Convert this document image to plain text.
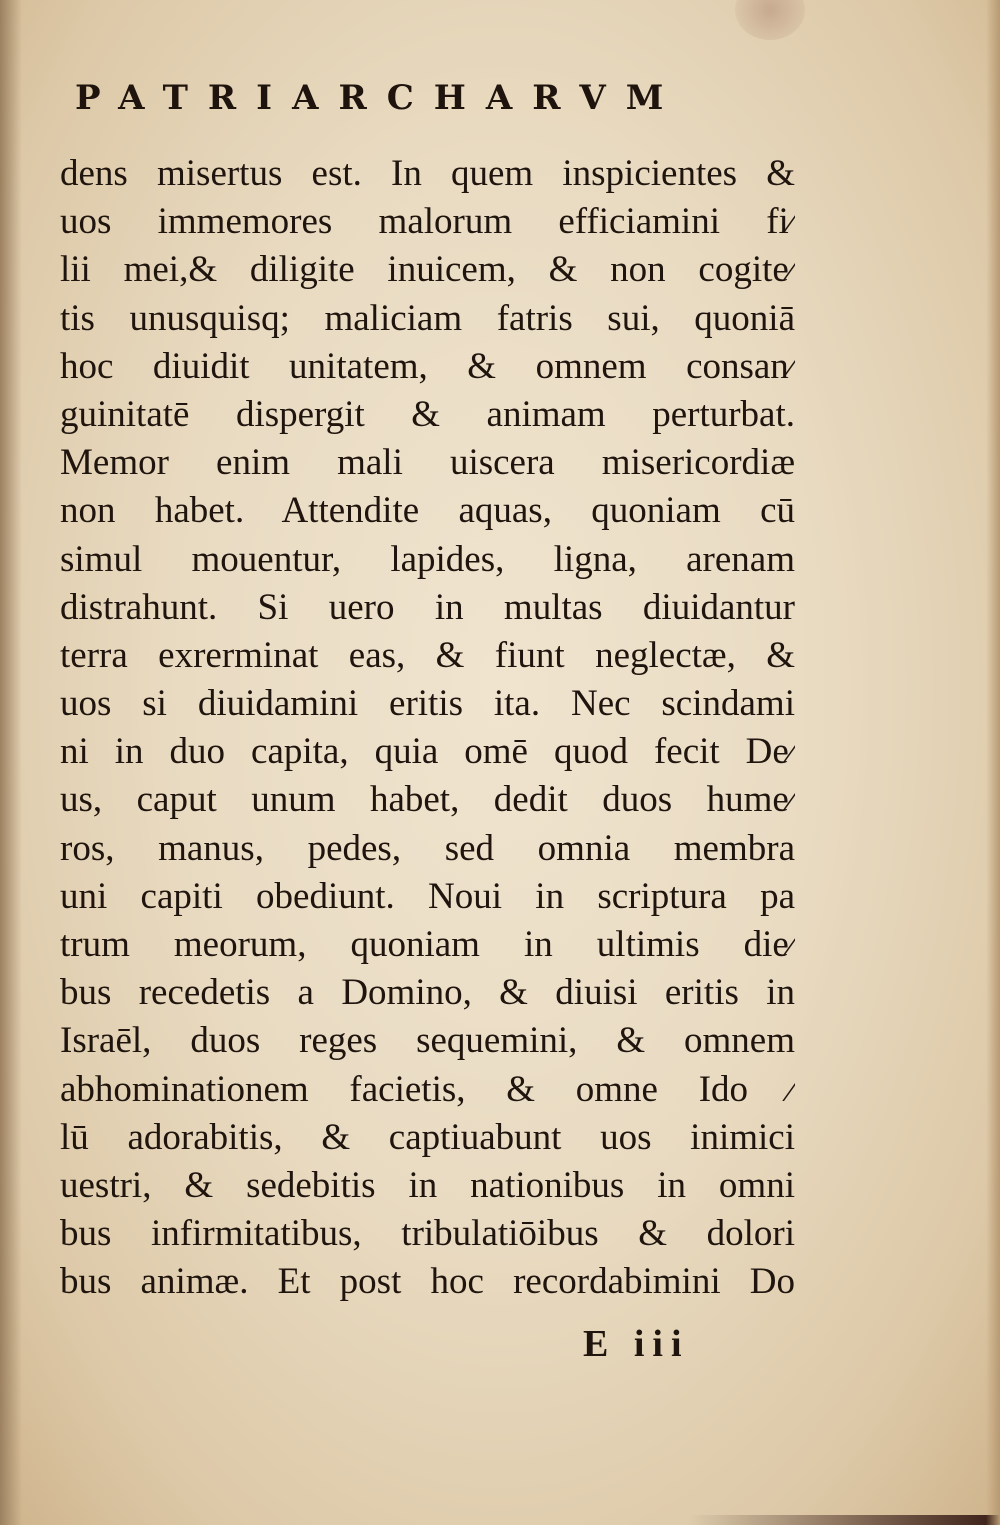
PATRIARCHARVM
dens misertus est. In quem inspicientes &
uos immemores malorum efficiamini fi⁄
lii mei,& diligite inuicem, & non cogite⁄
tis unusquisq; maliciam fatris sui, quoniā
hoc diuidit unitatem, & omnem consan⁄
guinitatē dispergit & animam perturbat.
Memor enim mali uiscera misericordiæ
non habet. Attendite aquas, quoniam cū
simul mouentur, lapides, ligna, arenam
distrahunt. Si uero in multas diuidantur
terra exrerminat eas, & fiunt neglectæ, &
uos si diuidamini eritis ita. Nec scindami
ni in duo capita, quia omē quod fecit De⁄
us, caput unum habet, dedit duos hume⁄
ros, manus, pedes, sed omnia membra
uni capiti obediunt. Noui in scriptura pa
trum meorum, quoniam in ultimis die⁄
bus recedetis a Domino, & diuisi eritis in
Israēl, duos reges sequemini, & omnem
abhominationem facietis, & omne Ido ⁄
lū adorabitis, & captiuabunt uos inimici
uestri, & sedebitis in nationibus in omni
bus infirmitatibus, tribulatiōibus & dolori
bus animæ. Et post hoc recordabimini Do
E iii
